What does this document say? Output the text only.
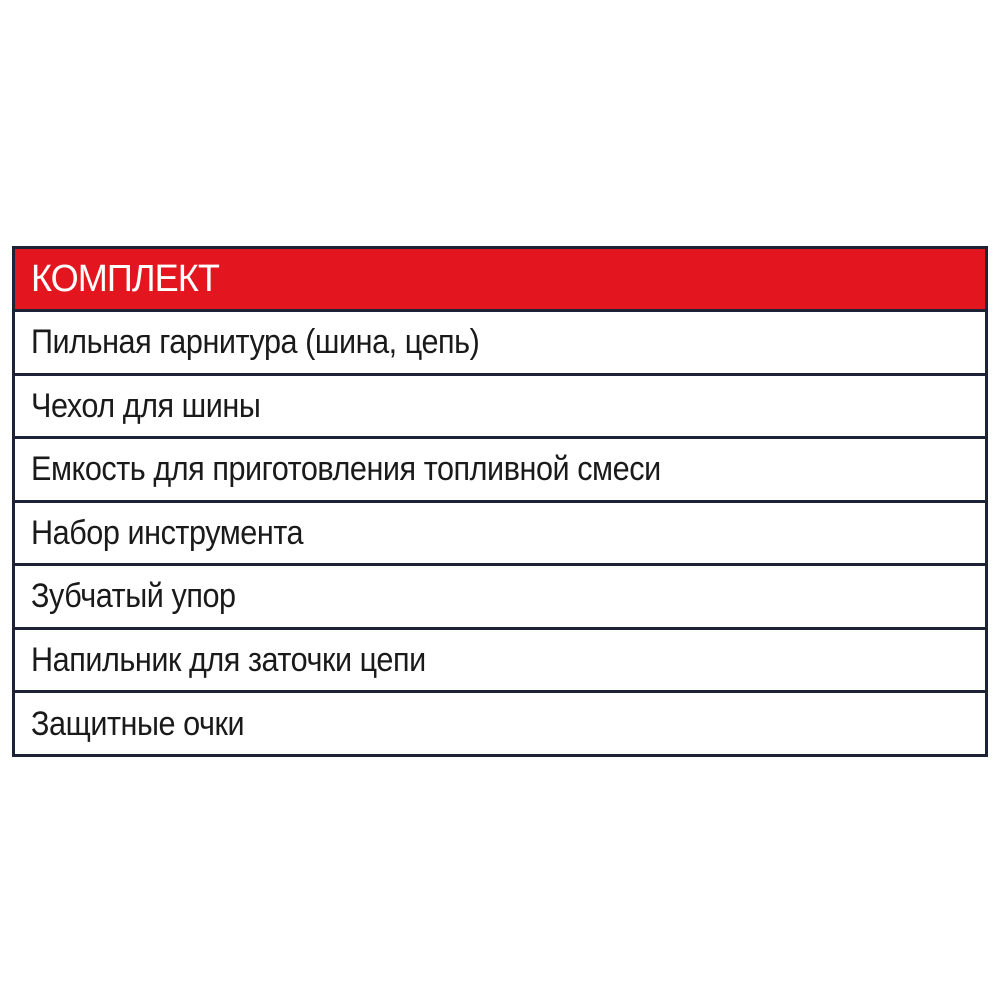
КОМПЛЕКТ
Пильная гарнитура (шина, цепь)
Чехол для шины
Емкость для приготовления топливной смеси
Набор инструмента
Зубчатый упор
Напильник для заточки цепи
Защитные очки
